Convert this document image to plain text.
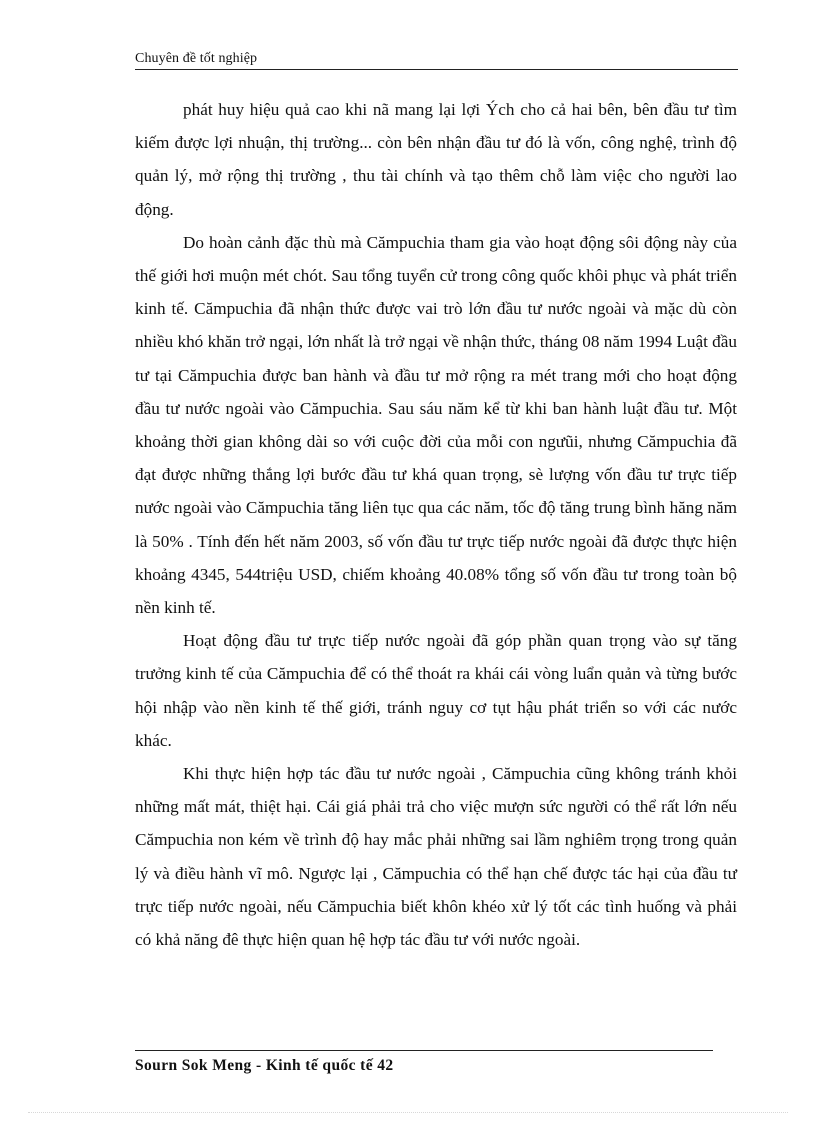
Chuyên đề tốt nghiệp

phát huy hiệu quả cao khi nã mang lại lợi Ých cho cả hai bên, bên đầu tư tìm kiếm được lợi nhuận, thị trường... còn bên nhận đầu tư đó là vốn, công nghệ, trình độ quản lý, mở rộng thị trường , thu tài chính và tạo thêm chỗ làm việc cho người lao động.

Do hoàn cảnh đặc thù mà Cămpuchia tham gia vào hoạt động sôi động này của thế giới hơi muộn mét chót. Sau tổng tuyển cử trong công quốc khôi phục và phát triển kinh tế. Cămpuchia đã nhận thức được vai trò lớn đầu tư nước ngoài và mặc dù còn nhiều khó khăn trở ngại, lớn nhất là trở ngại về nhận thức, tháng 08 năm 1994 Luật đầu tư tại Cămpuchia được ban hành và đầu tư mở rộng ra mét trang mới cho hoạt động đầu tư nước ngoài vào Cămpuchia. Sau sáu năm kể từ khi ban hành luật đầu tư. Một khoảng thời gian không dài so với cuộc đời của mỗi con ngưũi, nhưng Cămpuchia đã đạt được những thắng lợi bước đầu tư khá quan trọng, sè lượng vốn đầu tư trực tiếp nước ngoài vào Cămpuchia tăng liên tục qua các năm, tốc độ tăng trung bình hăng năm là 50% . Tính đến hết năm 2003, số vốn đầu tư trực tiếp nước ngoài đã được thực hiện khoảng 4345, 544triệu USD, chiếm khoảng 40.08% tổng số vốn đầu tư trong toàn bộ nền kinh tế.

Hoạt động đầu tư trực tiếp nước ngoài đã góp phần quan trọng vào sự tăng trưởng kinh tế của Cămpuchia để có thể thoát ra khái cái vòng luẩn quản và từng bước hội nhập vào nền kinh tế thế giới, tránh nguy cơ tụt hậu phát triển so với các nước khác.

Khi thực hiện hợp tác đầu tư nước ngoài , Cămpuchia cũng không tránh khỏi những mất mát, thiệt hại. Cái giá phải trả cho việc mượn sức người có thể rất lớn nếu Cămpuchia non kém về trình độ hay mắc phải những sai lầm nghiêm trọng trong quản lý và điều hành vĩ mô. Ngược lại , Cămpuchia có thể hạn chế được tác hại của đầu tư trực tiếp nước ngoài, nếu Cămpuchia biết khôn khéo xử lý tốt các tình huống và phải có khả năng đê thực hiện quan hệ hợp tác đầu tư với nước ngoài.

Sourn Sok Meng - Kinh tế quốc tế 42
